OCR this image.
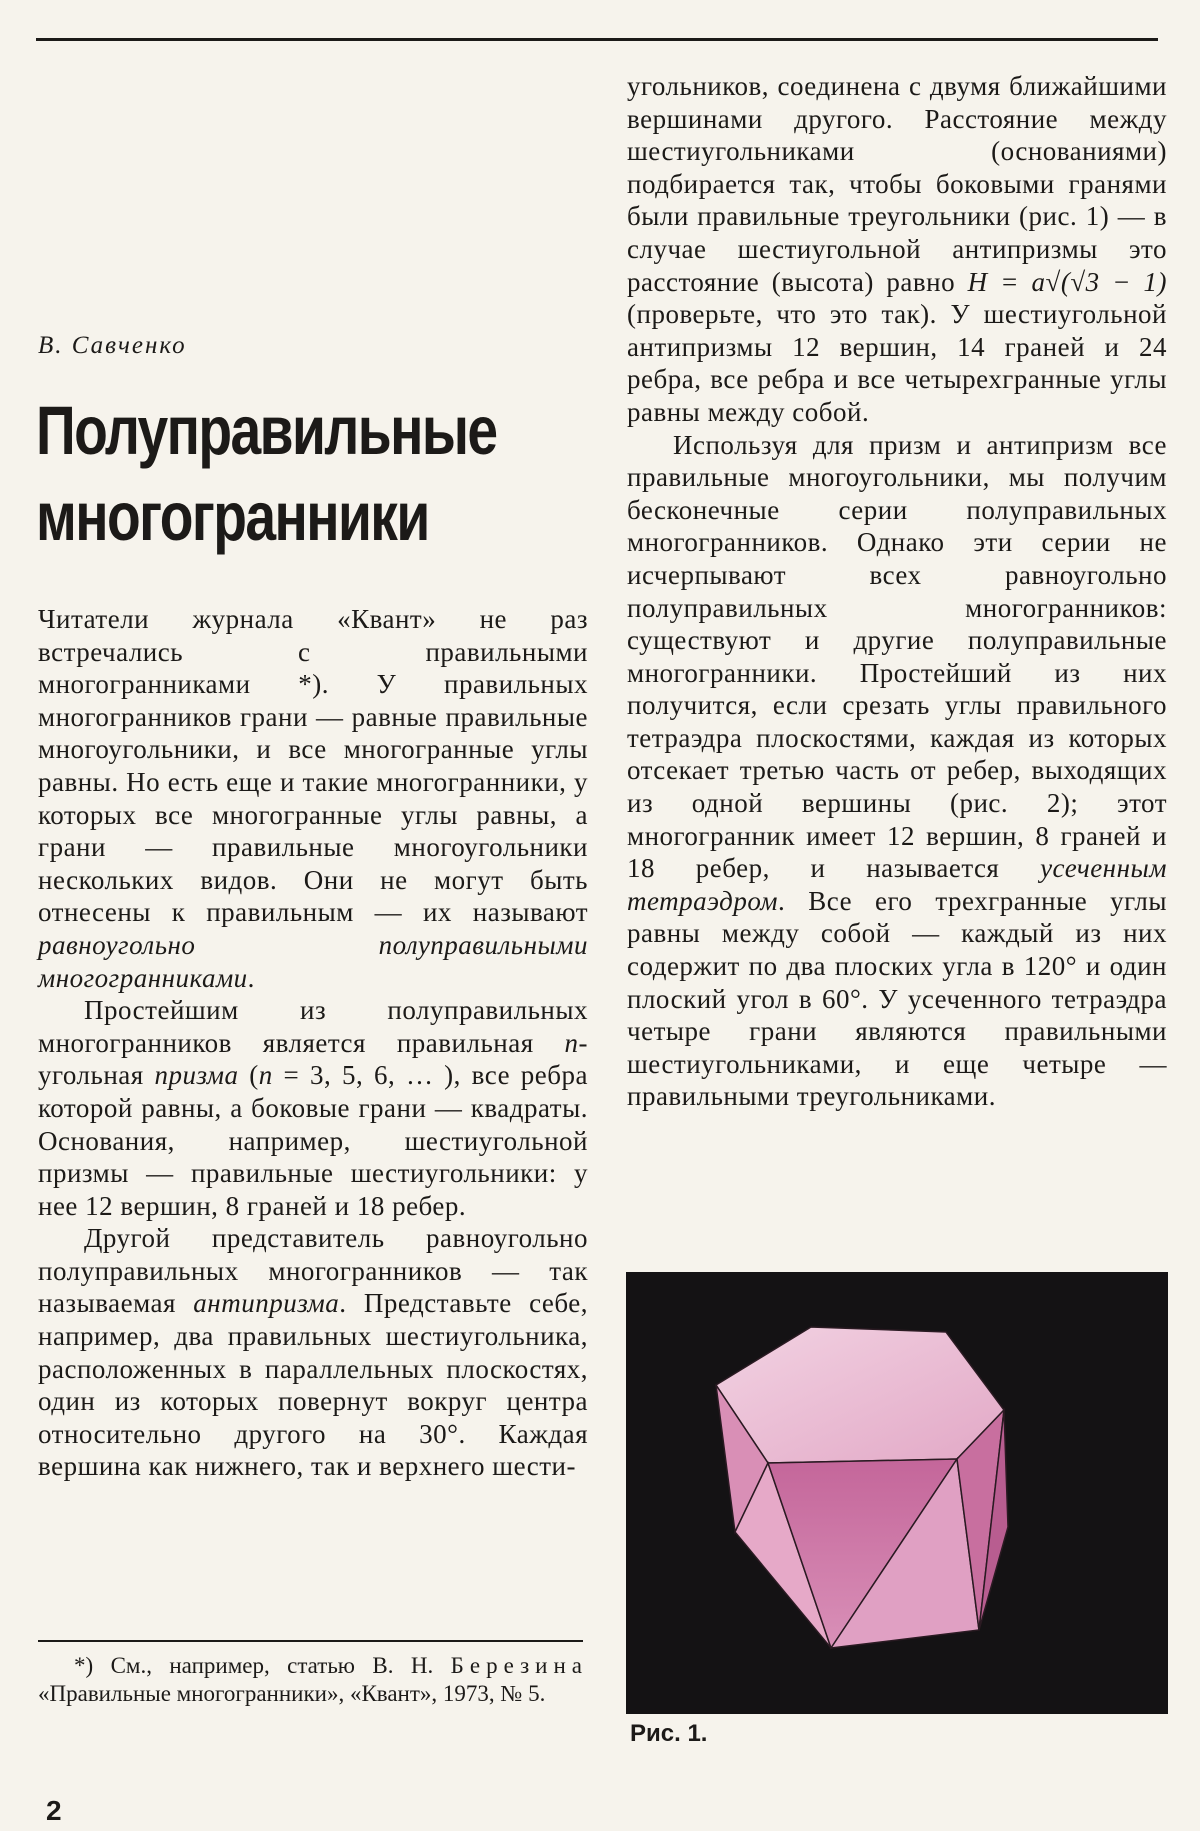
В. Савченко
Полуправильные
многогранники

Читатели журнала «Квант» не раз встречались с правильными многогранниками *). У правильных многогранников грани — равные правильные многоугольники, и все многогранные углы равны. Но есть еще и такие многогранники, у которых все многогранные углы равны, а грани — правильные многоугольники нескольких видов. Они не могут быть отнесены к правильным — их называют равноугольно полуправильными многогранниками.

Простейшим из полуправильных многогранников является правильная n-угольная призма (n = 3, 5, 6, … ), все ребра которой равны, а боковые грани — квадраты. Основания, например, шестиугольной призмы — правильные шестиугольники: у нее 12 вершин, 8 граней и 18 ребер.

Другой представитель равноугольно полуправильных многогранников — так называемая антипризма. Представьте себе, например, два правильных шестиугольника, расположенных в параллельных плоскостях, один из которых повернут вокруг центра относительно другого на 30°. Каждая вершина как нижнего, так и верхнего шести-

угольников, соединена с двумя ближайшими вершинами другого. Расстояние между шестиугольниками (основаниями) подбирается так, чтобы боковыми гранями были правильные треугольники (рис. 1) — в случае шестиугольной антипризмы это расстояние (высота) равно H = a√(√3 − 1) (проверьте, что это так). У шестиугольной антипризмы 12 вершин, 14 граней и 24 ребра, все ребра и все четырехгранные углы равны между собой.

Используя для призм и антипризм все правильные многоугольники, мы получим бесконечные серии полуправильных многогранников. Однако эти серии не исчерпывают всех равноугольно полуправильных многогранников: существуют и другие полуправильные многогранники. Простейший из них получится, если срезать углы правильного тетраэдра плоскостями, каждая из которых отсекает третью часть от ребер, выходящих из одной вершины (рис. 2); этот многогранник имеет 12 вершин, 8 граней и 18 ребер, и называется усеченным тетраэдром. Все его трехгранные углы равны между собой — каждый из них содержит по два плоских угла в 120° и один плоский угол в 60°. У усеченного тетраэдра четыре грани являются правильными шестиугольниками, и еще четыре — правильными треугольниками.

*) См., например, статью В. Н. Березина «Правильные многогранники», «Квант», 1973, № 5.
Рис. 1.
2
